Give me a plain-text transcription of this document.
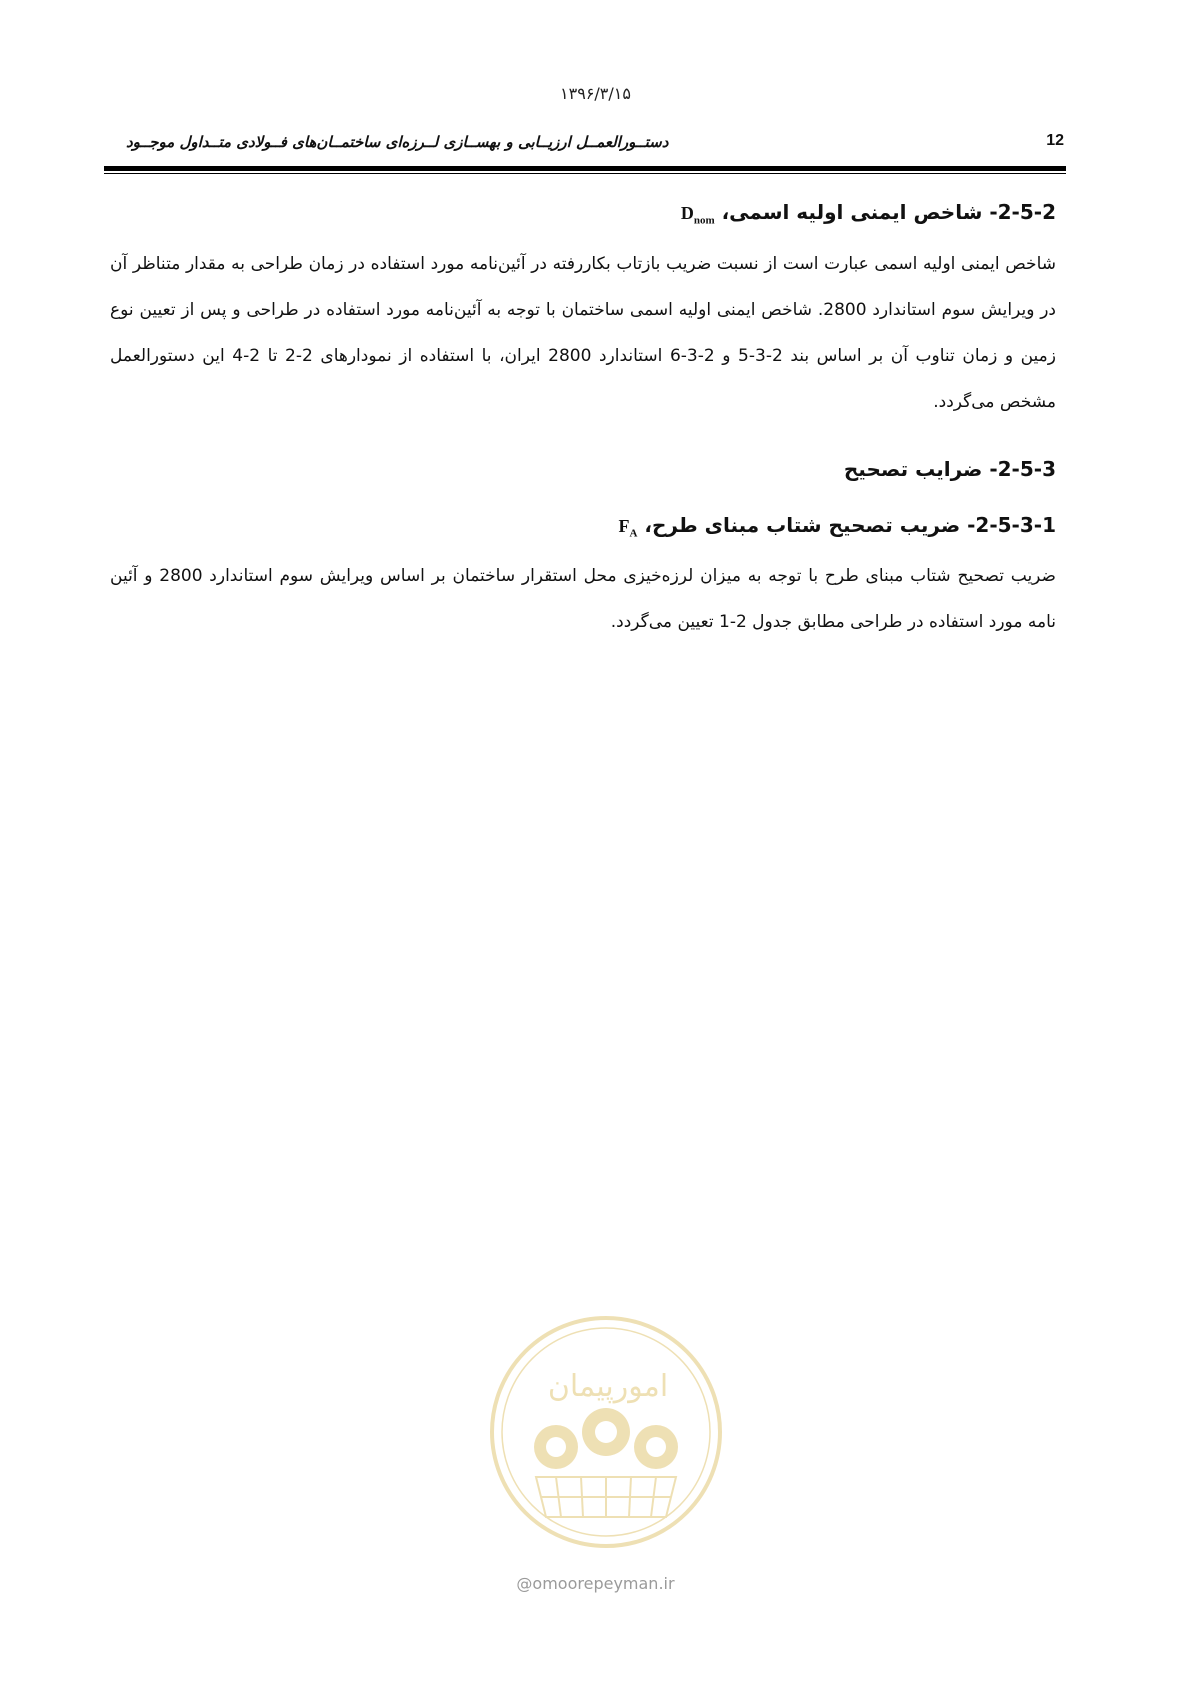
۱۳۹۶/۳/۱۵
دستــورالعمــل ارزیــابی و بهســازی لــرزه‌ای ساختمــان‌های فــولادی متــداول موجــود	12
2-5-2- شاخص ایمنی اولیه اسمی، $D_{nom}$

شاخص ایمنی اولیه اسمی عبارت است از نسبت ضریب بازتاب بکاررفته در آئین‌نامه مورد استفاده در زمان طراحی به مقدار متناظر آن در ویرایش سوم استاندارد 2800. شاخص ایمنی اولیه اسمی ساختمان با توجه به آئین‌نامه مورد استفاده در طراحی و پس از تعیین نوع زمین و زمان تناوب آن بر اساس بند 2-3-5 و 2-3-6 استاندارد 2800 ایران، با استفاده از نمودارهای 2-2 تا 2-4 این دستورالعمل مشخص می‌گردد.

2-5-3- ضرایب تصحیح
2-5-3-1- ضریب تصحیح شتاب مبنای طرح، $F_A$

ضریب تصحیح شتاب مبنای طرح با توجه به میزان لرزه‌خیزی محل استقرار ساختمان بر اساس ویرایش سوم استاندارد 2800 و آئین نامه مورد استفاده در طراحی مطابق جدول 2-1 تعیین می‌گردد.

امورپیمان
@omoorepeyman.ir
